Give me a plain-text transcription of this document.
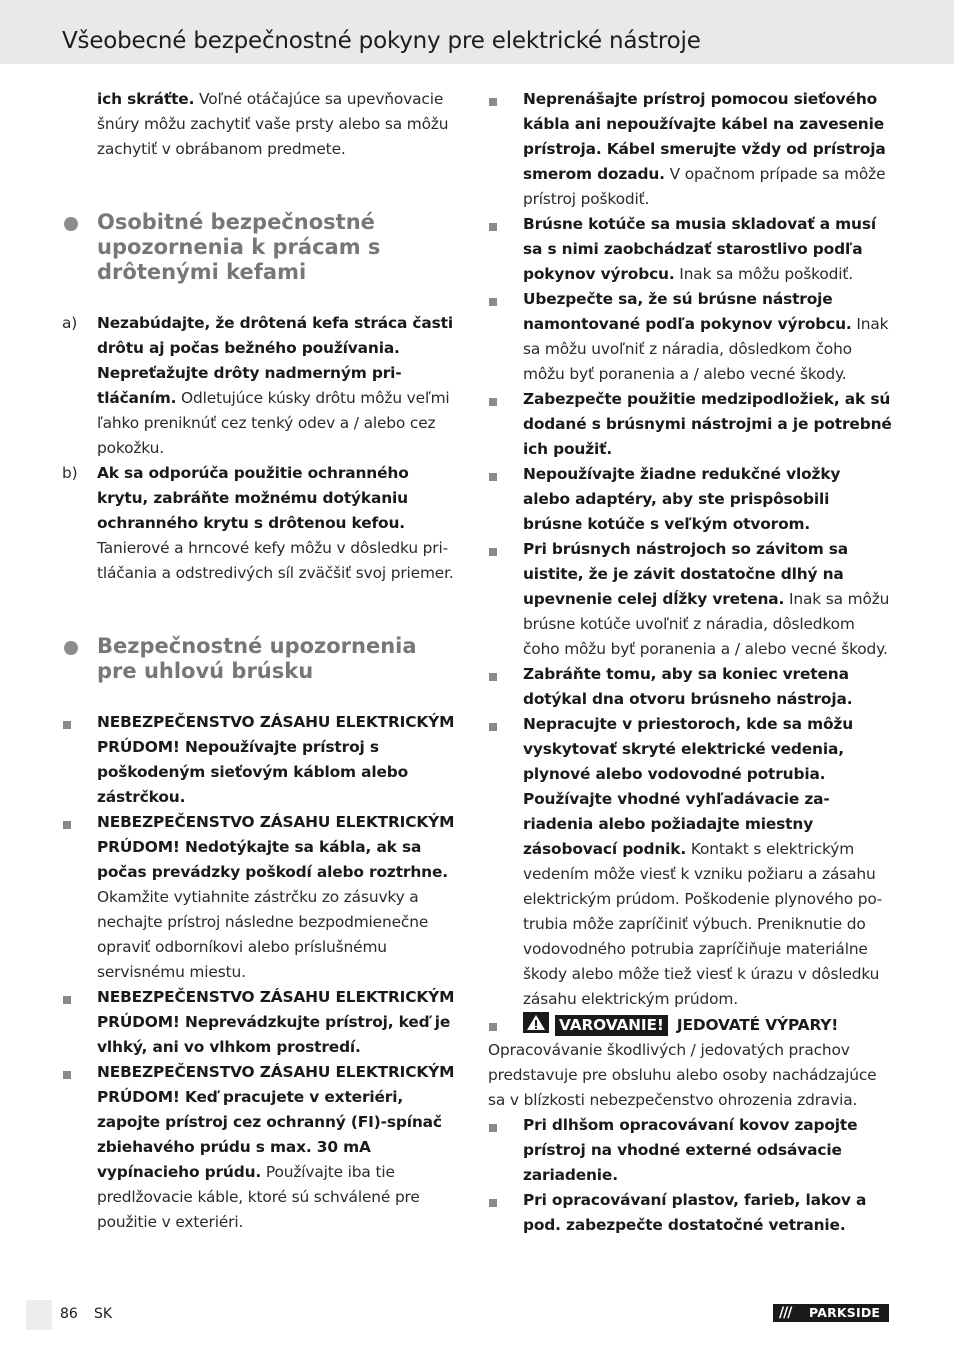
Všeobecné bezpečnostné pokyny pre elektrické nástroje
ich skráťte. Voľné otáčajúce sa upevňovacie šnúry môžu zachytiť vaše prsty alebo sa môžu zachytiť v obrábanom predmete.
Osobitné bezpečnostné upozornenia k prácam s drôtenými kefami
a) Nezabúdajte, že drôtená kefa stráca časti drôtu aj počas bežného používania. Nepreťažujte drôty nadmerným pritláčaním. Odletujúce kúsky drôtu môžu veľmi ľahko preniknúť cez tenký odev a / alebo cez pokožku.
b) Ak sa odporúča použitie ochranného krytu, zabráňte možnému dotýkaniu ochranného krytu s drôtenou kefou. Tanierové a hrncové kefy môžu v dôsledku pritláčania a odstredivých síl zväčšiť svoj priemer.
Bezpečnostné upozornenia pre uhlovú brúsku
NEBEZPEČENSTVO ZÁSAHU ELEKTRICKÝM PRÚDOM! Nepoužívajte prístroj s poškodeným sieťovým káblom alebo zástrčkou.
NEBEZPEČENSTVO ZÁSAHU ELEKTRICKÝM PRÚDOM! Nedotýkajte sa kábla, ak sa počas prevádzky poškodí alebo roztrhne. Okamžite vytiahnite zástrčku zo zásuvky a nechajte prístroj následne bezpodmienečne opraviť odborníkovi alebo príslušnému servisnému miestu.
NEBEZPEČENSTVO ZÁSAHU ELEKTRICKÝM PRÚDOM! Neprevádzkujte prístroj, keď je vlhký, ani vo vlhkom prostredí.
NEBEZPEČENSTVO ZÁSAHU ELEKTRICKÝM PRÚDOM! Keď pracujete v exteriéri, zapojte prístroj cez ochranný (FI)-spínač zbiehavého prúdu s max. 30 mA vypínacieho prúdu. Používajte iba tie predlžovacie káble, ktoré sú schválené pre použitie v exteriéri.
Neprenášajte prístroj pomocou sieťového kábla ani nepoužívajte kábel na zavesenie prístroja. Kábel smerujte vždy od prístroja smerom dozadu. V opačnom prípade sa môže prístroj poškodiť.
Brúsne kotúče sa musia skladovať a musí sa s nimi zaobchádzať starostlivo podľa pokynov výrobcu. Inak sa môžu poškodiť.
Ubezpečte sa, že sú brúsne nástroje namontované podľa pokynov výrobcu. Inak sa môžu uvoľniť z náradia, dôsledkom čoho môžu byť poranenia a / alebo vecné škody.
Zabezpečte použitie medzipodložiek, ak sú dodané s brúsnymi nástrojmi a je potrebné ich použiť.
Nepoužívajte žiadne redukčné vložky alebo adaptéry, aby ste prispôsobili brúsne kotúče s veľkým otvorom.
Pri brúsnych nástrojoch so závitom sa uistite, že je závit dostatočne dlhý na upevnenie celej dĺžky vretena. Inak sa môžu brúsne kotúče uvoľniť z náradia, dôsledkom čoho môžu byť poranenia a / alebo vecné škody.
Zabráňte tomu, aby sa koniec vretena dotýkal dna otvoru brúsneho nástroja.
Nepracujte v priestoroch, kde sa môžu vyskytovať skryté elektrické vedenia, plynové alebo vodovodné potrubia. Používajte vhodné vyhľadávacie zariadenia alebo požiadajte miestny zásobovací podnik. Kontakt s elektrickým vedením môže viesť k vzniku požiaru a zásahu elektrickým prúdom. Poškodenie plynového potrubia môže zapríčiniť výbuch. Preniknutie do vodovodného potrubia zapríčiňuje materiálne škody alebo môže tiež viesť k úrazu v dôsledku zásahu elektrickým prúdom.
VAROVANIE! JEDOVATÉ VÝPARY!
Opracovávanie škodlivých / jedovatých prachov predstavuje pre obsluhu alebo osoby nachádzajúce sa v blízkosti nebezpečenstvo ohrozenia zdravia.
Pri dlhšom opracovávaní kovov zapojte prístroj na vhodné externé odsávacie zariadenie.
Pri opracovávaní plastov, farieb, lakov a pod. zabezpečte dostatočné vetranie.
86 SK	/// PARKSIDE
